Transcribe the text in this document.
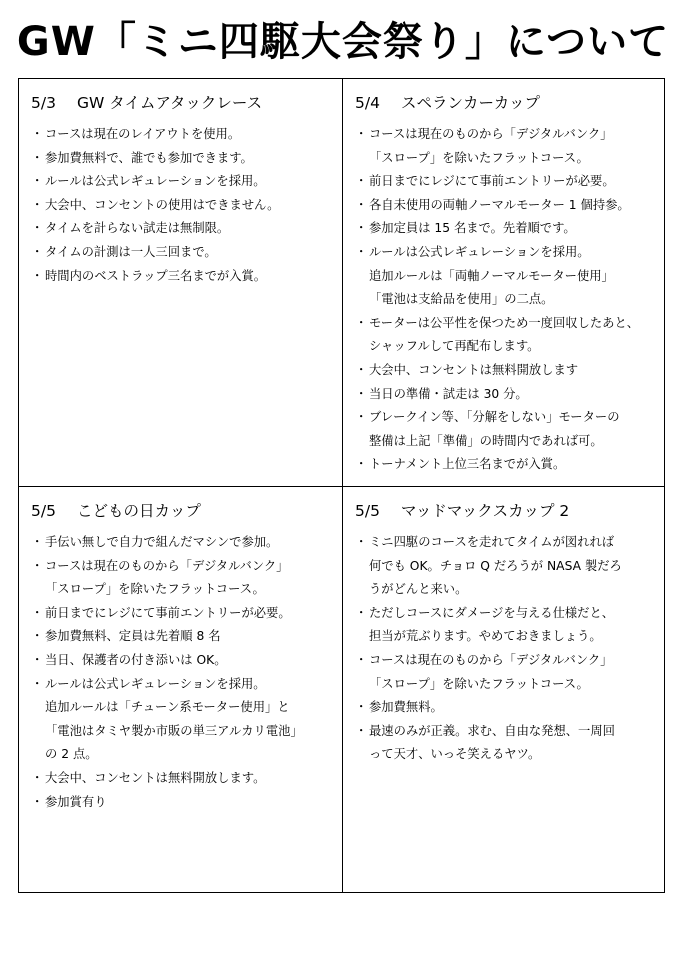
GW「ミニ四駆大会祭り」について
5/3 GW タイムアタックレース
・ コースは現在のレイアウトを使用。
・ 参加費無料で、誰でも参加できます。
・ ルールは公式レギュレーションを採用。
・ 大会中、コンセントの使用はできません。
・ タイムを計らない試走は無制限。
・ タイムの計測は一人三回まで。
・ 時間内のベストラップ三名までが入賞。
5/4 スペランカーカップ
・ コースは現在のものから「デジタルバンク」
「スロープ」を除いたフラットコース。
・ 前日までにレジにて事前エントリーが必要。
・ 各自未使用の両軸ノーマルモーター 1 個持参。
・ 参加定員は 15 名まで。先着順です。
・ ルールは公式レギュレーションを採用。
追加ルールは「両軸ノーマルモーター使用」
「電池は支給品を使用」の二点。
・ モーターは公平性を保つため一度回収したあと、
シャッフルして再配布します。
・ 大会中、コンセントは無料開放します
・ 当日の準備・試走は 30 分。
・ ブレークイン等、「分解をしない」モーターの
整備は上記「準備」の時間内であれば可。
・ トーナメント上位三名までが入賞。
5/5 こどもの日カップ
・ 手伝い無しで自力で組んだマシンで参加。
・ コースは現在のものから「デジタルバンク」
「スロープ」を除いたフラットコース。
・ 前日までにレジにて事前エントリーが必要。
・ 参加費無料、定員は先着順 8 名
・ 当日、保護者の付き添いは OK。
・ ルールは公式レギュレーションを採用。
追加ルールは「チューン系モーター使用」と
「電池はタミヤ製か市販の単三アルカリ電池」
の 2 点。
・ 大会中、コンセントは無料開放します。
・ 参加賞有り
5/5 マッドマックスカップ 2
・ ミニ四駆のコースを走れてタイムが図れれば
何でも OK。チョロ Q だろうが NASA 製だろ
うがどんと来い。
・ ただしコースにダメージを与える仕様だと、
担当が荒ぶります。やめておきましょう。
・ コースは現在のものから「デジタルバンク」
「スロープ」を除いたフラットコース。
・ 参加費無料。
・ 最速のみが正義。求む、自由な発想、一周回
って天才、いっそ笑えるヤツ。
